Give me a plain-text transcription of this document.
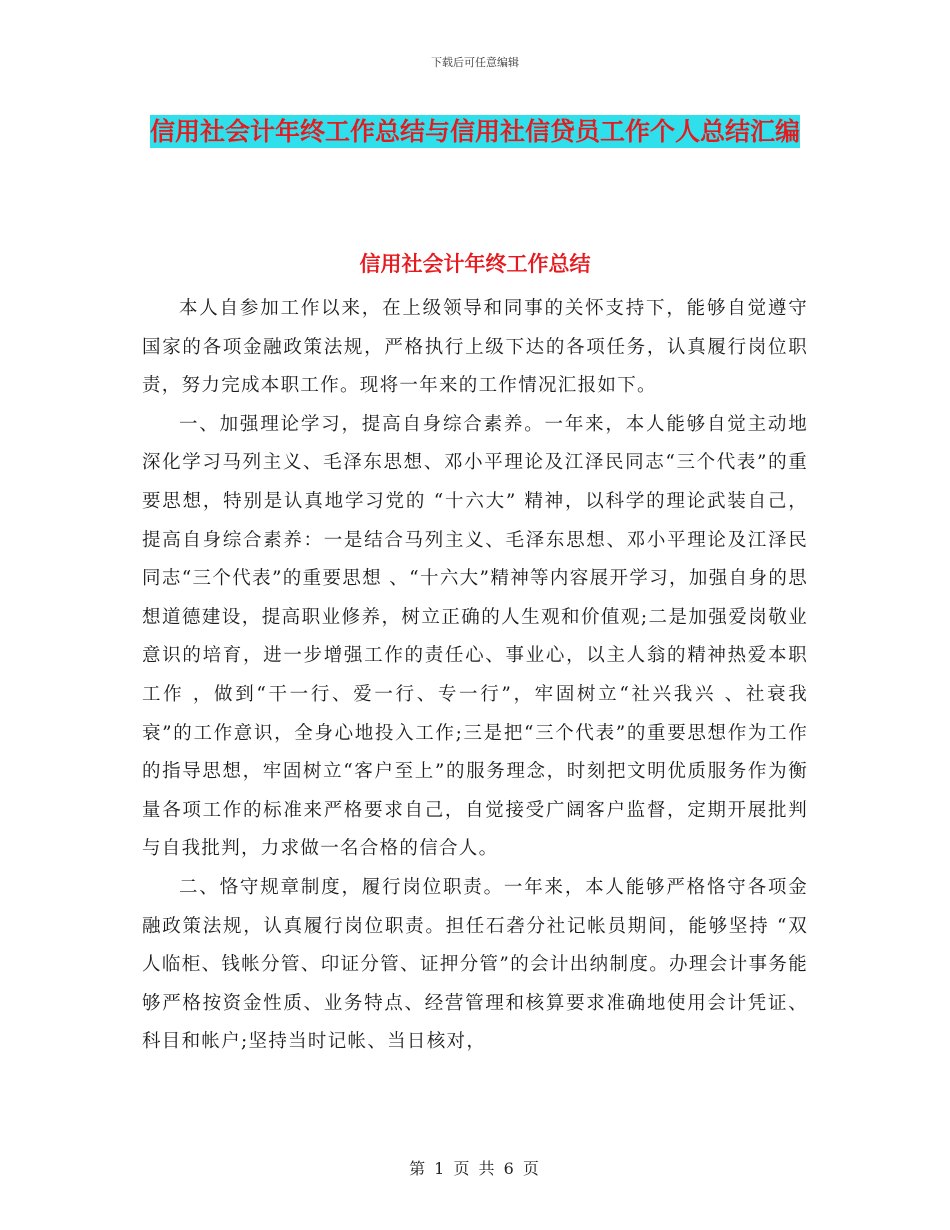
下载后可任意编辑
信用社会计年终工作总结与信用社信贷员工作个人总结汇编
信用社会计年终工作总结

本人自参加工作以来，在上级领导和同事的关怀支持下，能够自觉遵守国家的各项金融政策法规，严格执行上级下达的各项任务，认真履行岗位职责，努力完成本职工作。现将一年来的工作情况汇报如下。

一、加强理论学习，提高自身综合素养。一年来，本人能够自觉主动地深化学习马列主义、毛泽东思想、邓小平理论及江泽民同志“三个代表”的重要思想，特别是认真地学习党的 “十六大” 精神，以科学的理论武装自己，提高自身综合素养：一是结合马列主义、毛泽东思想、邓小平理论及江泽民同志“三个代表”的重要思想 、“十六大”精神等内容展开学习，加强自身的思想道德建设，提高职业修养，树立正确的人生观和价值观;二是加强爱岗敬业意识的培育，进一步增强工作的责任心、事业心，以主人翁的精神热爱本职工作 ，做到“干一行、爱一行、专一行”，牢固树立“社兴我兴 、社衰我衰”的工作意识，全身心地投入工作;三是把“三个代表”的重要思想作为工作的指导思想，牢固树立“客户至上”的服务理念，时刻把文明优质服务作为衡量各项工作的标准来严格要求自己，自觉接受广阔客户监督，定期开展批判与自我批判，力求做一名合格的信合人。

二、恪守规章制度，履行岗位职责。一年来，本人能够严格恪守各项金融政策法规，认真履行岗位职责。担任石砻分社记帐员期间，能够坚持 “双人临柜、钱帐分管、印证分管、证押分管”的会计出纳制度。办理会计事务能够严格按资金性质、业务特点、经营管理和核算要求准确地使用会计凭证、科目和帐户;坚持当时记帐、当日核对，

第 1 页 共 6 页
